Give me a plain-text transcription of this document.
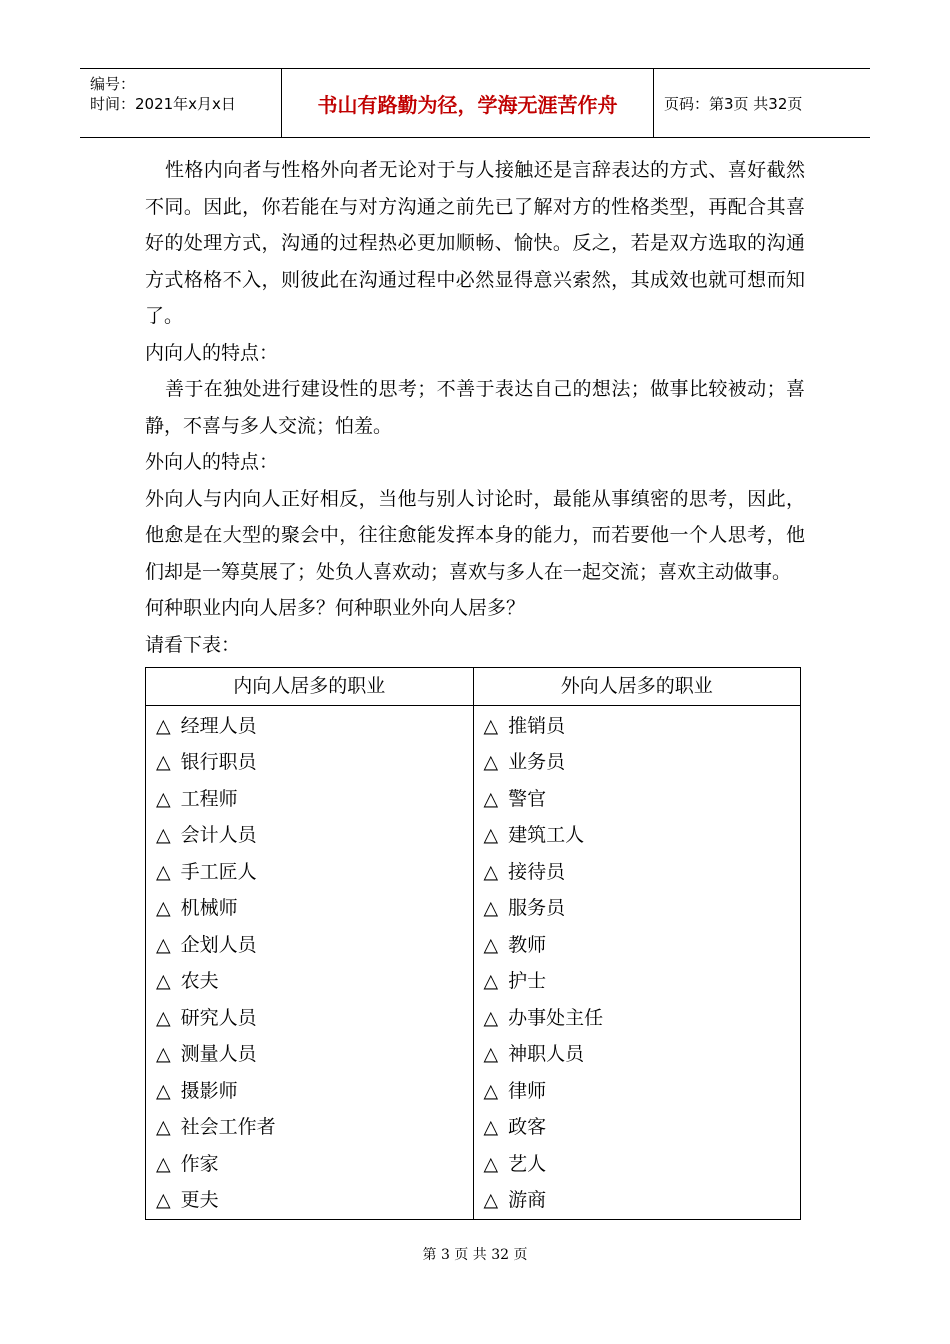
编号：
时间：2021年x月x日	书山有路勤为径，学海无涯苦作舟	页码：第3页 共32页

性格内向者与性格外向者无论对于与人接触还是言辞表达的方式、喜好截然不同。因此，你若能在与对方沟通之前先已了解对方的性格类型，再配合其喜好的处理方式，沟通的过程热必更加顺畅、愉快。反之，若是双方选取的沟通方式格格不入，则彼此在沟通过程中必然显得意兴索然，其成效也就可想而知了。

内向人的特点：

善于在独处进行建设性的思考；不善于表达自己的想法；做事比较被动；喜静，不喜与多人交流；怕羞。

外向人的特点：

外向人与内向人正好相反，当他与别人讨论时，最能从事缜密的思考，因此，他愈是在大型的聚会中，往往愈能发挥本身的能力，而若要他一个人思考，他们却是一筹莫展了；处负人喜欢动；喜欢与多人在一起交流；喜欢主动做事。

何种职业内向人居多？何种职业外向人居多？

请看下表：

内向人居多的职业	外向人居多的职业
△ 经理人员	△ 推销员
△ 银行职员	△ 业务员
△ 工程师	△ 警官
△ 会计人员	△ 建筑工人
△ 手工匠人	△ 接待员
△ 机械师	△ 服务员
△ 企划人员	△ 教师
△ 农夫	△ 护士
△ 研究人员	△ 办事处主任
△ 测量人员	△ 神职人员
△ 摄影师	△ 律师
△ 社会工作者	△ 政客
△ 作家	△ 艺人
△ 更夫	△ 游商
第 3 页 共 32 页
